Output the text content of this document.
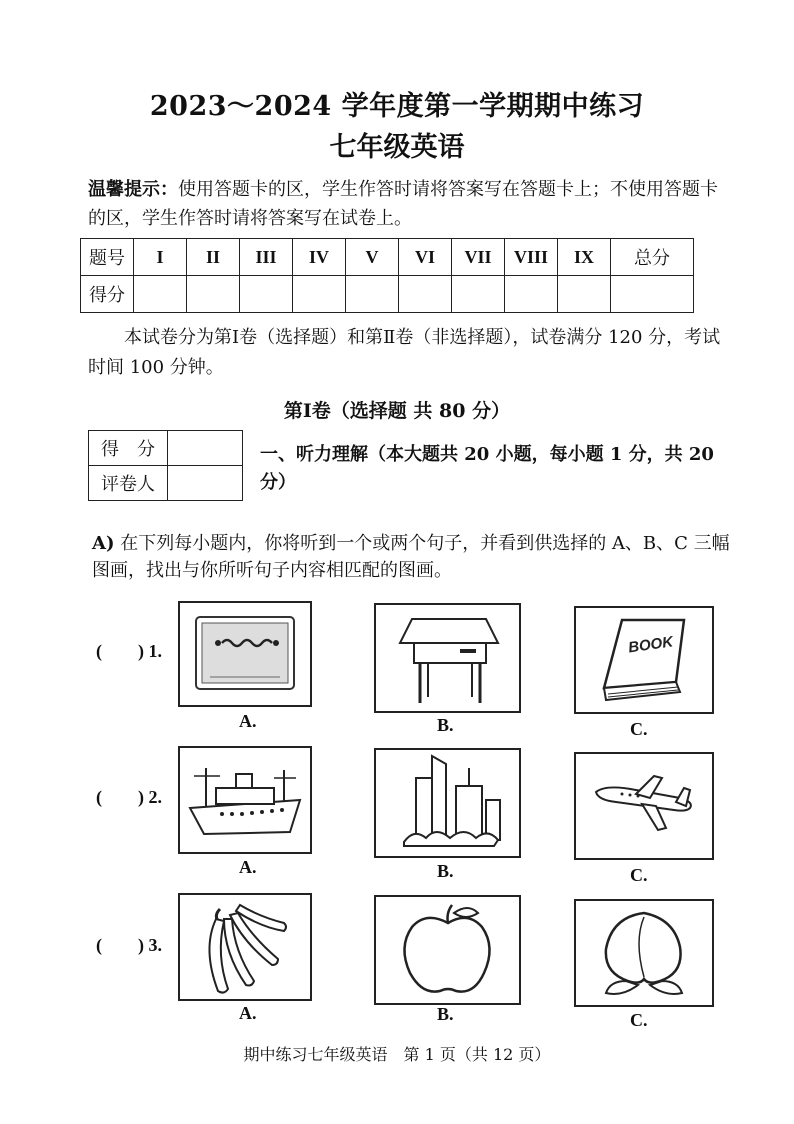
2023～2024 学年度第一学期期中练习
七年级英语
温馨提示：使用答题卡的区，学生作答时请将答案写在答题卡上；不使用答题卡的区，学生作答时请将答案写在试卷上。
题号	I	II	III	IV	V	VI	VII	VIII	IX	总分
得分										
本试卷分为第Ⅰ卷（选择题）和第Ⅱ卷（非选择题），试卷满分 120 分，考试时间 100 分钟。
第Ⅰ卷（选择题 共 80 分）
得　分	
评卷人	
一、听力理解（本大题共 20 小题，每小题 1 分，共 20 分）
A) 在下列每小题内，你将听到一个或两个句子，并看到供选择的 A、B、C 三幅图画，找出与你所听句子内容相匹配的图画。
(　　) 1.	BOOK
A.	B.	C.
(　　) 2.
A.	B.	C.
(　　) 3.
A.	B.	C.
期中练习七年级英语　第 1 页（共 12 页）
